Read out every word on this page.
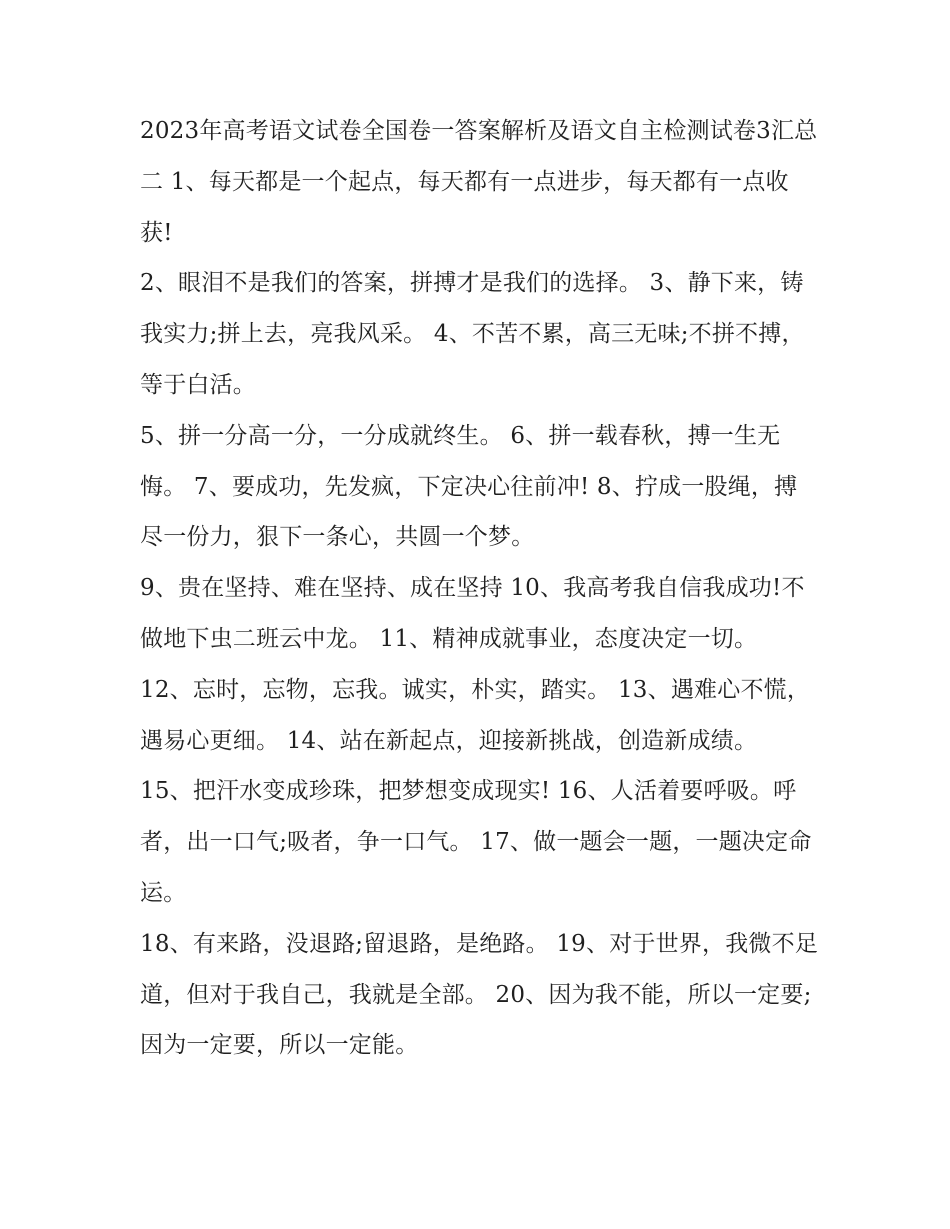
2023年高考语文试卷全国卷一答案解析及语文自主检测试卷3汇总二 1、每天都是一个起点，每天都有一点进步，每天都有一点收获!

2、眼泪不是我们的答案，拼搏才是我们的选择。 3、静下来，铸我实力;拼上去，亮我风采。 4、不苦不累，高三无味;不拼不搏，等于白活。

5、拼一分高一分，一分成就终生。 6、拼一载春秋，搏一生无悔。 7、要成功，先发疯，下定决心往前冲! 8、拧成一股绳，搏尽一份力，狠下一条心，共圆一个梦。

9、贵在坚持、难在坚持、成在坚持 10、我高考我自信我成功!不做地下虫二班云中龙。 11、精神成就事业，态度决定一切。

12、忘时，忘物，忘我。诚实，朴实，踏实。 13、遇难心不慌，遇易心更细。 14、站在新起点，迎接新挑战，创造新成绩。

15、把汗水变成珍珠，把梦想变成现实! 16、人活着要呼吸。呼者，出一口气;吸者，争一口气。 17、做一题会一题，一题决定命运。

18、有来路，没退路;留退路，是绝路。 19、对于世界，我微不足道，但对于我自己，我就是全部。 20、因为我不能，所以一定要;因为一定要，所以一定能。
